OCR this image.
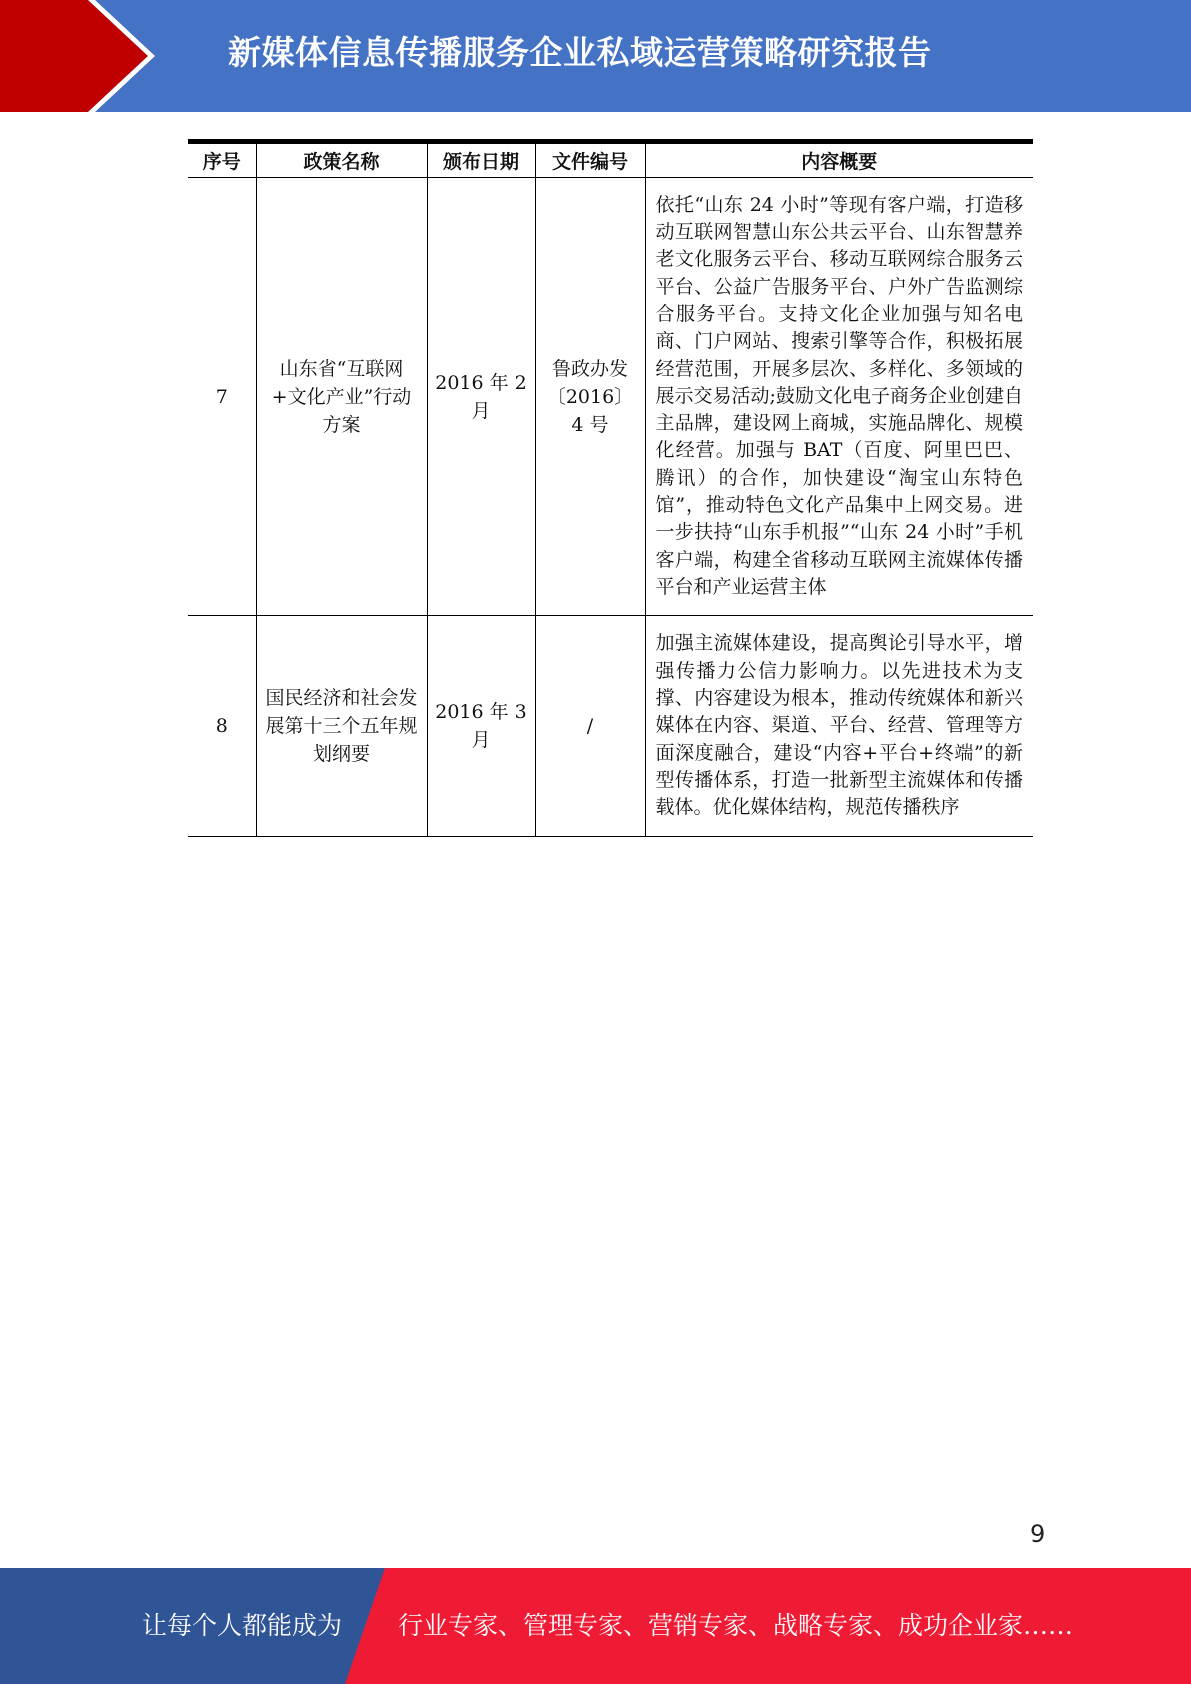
新媒体信息传播服务企业私域运营策略研究报告
序号	政策名称	颁布日期	文件编号	内容概要
7	山东省“互联网+文化产业”行动方案	2016 年 2 月	鲁政办发〔2016〕4 号	依托“山东 24 小时”等现有客户端，打造移动互联网智慧山东公共云平台、山东智慧养老文化服务云平台、移动互联网综合服务云平台、公益广告服务平台、户外广告监测综合服务平台。支持文化企业加强与知名电商、门户网站、搜索引擎等合作，积极拓展经营范围，开展多层次、多样化、多领域的展示交易活动;鼓励文化电子商务企业创建自主品牌，建设网上商城，实施品牌化、规模化经营。加强与 BAT（百度、阿里巴巴、腾讯）的合作，加快建设“淘宝山东特色馆”，推动特色文化产品集中上网交易。进一步扶持“山东手机报”“山东 24 小时”手机客户端，构建全省移动互联网主流媒体传播平台和产业运营主体
8	国民经济和社会发展第十三个五年规划纲要	2016 年 3 月	/	加强主流媒体建设，提高舆论引导水平，增强传播力公信力影响力。以先进技术为支撑、内容建设为根本，推动传统媒体和新兴媒体在内容、渠道、平台、经营、管理等方面深度融合，建设“内容+平台+终端”的新型传播体系，打造一批新型主流媒体和传播载体。优化媒体结构，规范传播秩序
9
让每个人都能成为 行业专家、管理专家、营销专家、战略专家、成功企业家……
